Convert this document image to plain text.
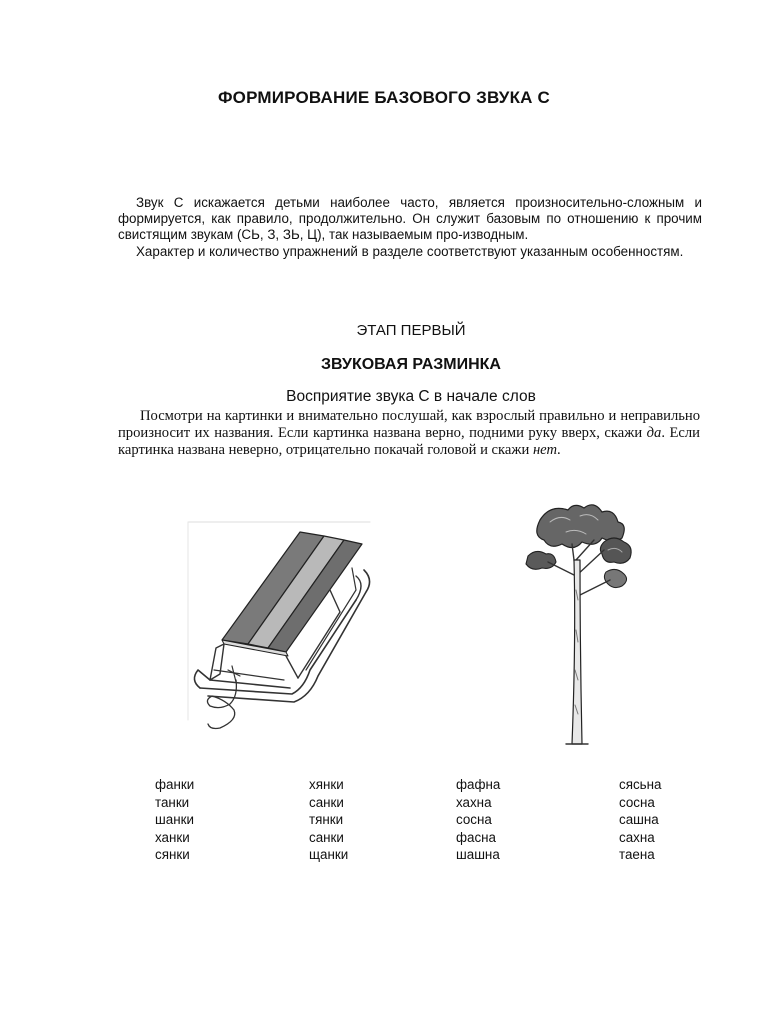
ФОРМИРОВАНИЕ БАЗОВОГО ЗВУКА С

Звук С искажается детьми наиболее часто, является произносительно-сложным и формируется, как правило, продолжительно. Он служит базовым по отношению к прочим свистящим звукам (СЬ, З, ЗЬ, Ц), так называемым про-изводным.

Характер и количество упражнений в разделе соответствуют указанным особенностям.

ЭТАП ПЕРВЫЙ
ЗВУКОВАЯ РАЗМИНКА
Восприятие звука С в начале слов

Посмотри на картинки и внимательно послушай, как взрослый правильно и неправильно произносит их названия. Если картинка названа верно, подними руку вверх, скажи да. Если картинка названа неверно, отрицательно покачай головой и скажи нет.

фанки
танки
шанки
ханки
сянки
хянки
санки
тянки
санки
щанки
фафна
хахна
сосна
фасна
шашна
сясьна
сосна
сашна
сахна
таена
